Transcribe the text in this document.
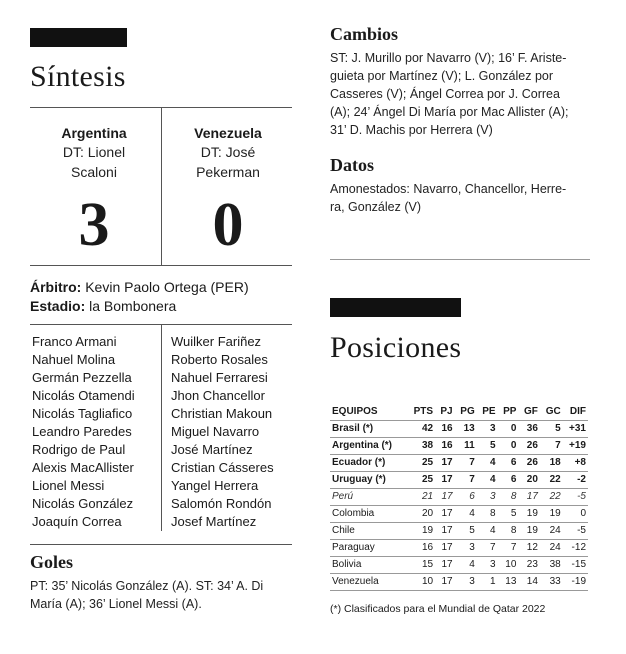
Síntesis
Argentina
DT: Lionel
Scaloni
Venezuela
DT: José
Pekerman
3	0
Árbitro: Kevin Paolo Ortega (PER)
Estadio: la Bombonera
Franco Armani
Nahuel Molina
Germán Pezzella
Nicolás Otamendi
Nicolás Tagliafico
Leandro Paredes
Rodrigo de Paul
Alexis MacAllister
Lionel Messi
Nicolás González
Joaquín Correa
Wuilker Fariñez
Roberto Rosales
Nahuel Ferraresi
Jhon Chancellor
Christian Makoun
Miguel Navarro
José Martínez
Cristian Cásseres
Yangel Herrera
Salomón Rondón
Josef Martínez
Goles
PT: 35’ Nicolás González (A). ST: 34’ A. Di
María (A); 36’ Lionel Messi (A).
Cambios
ST: J. Murillo por Navarro (V); 16’ F. Ariste-
guieta por Martínez (V); L. González por
Casseres (V); Ángel Correa por J. Correa
(A); 24’ Ángel Di María por Mac Allister (A);
31’ D. Machis por Herrera (V)
Datos
Amonestados: Navarro, Chancellor, Herre-
ra, González (V)
Posiciones
EQUIPOS	PTS	PJ	PG	PE	PP	GF	GC	DIF
Brasil (*)	42	16	13	3	0	36	5	+31
Argentina (*)	38	16	11	5	0	26	7	+19
Ecuador (*)	25	17	7	4	6	26	18	+8
Uruguay (*)	25	17	7	4	6	20	22	-2
Perú	21	17	6	3	8	17	22	-5
Colombia	20	17	4	8	5	19	19	0
Chile	19	17	5	4	8	19	24	-5
Paraguay	16	17	3	7	7	12	24	-12
Bolivia	15	17	4	3	10	23	38	-15
Venezuela	10	17	3	1	13	14	33	-19
(*) Clasificados para el Mundial de Qatar 2022
